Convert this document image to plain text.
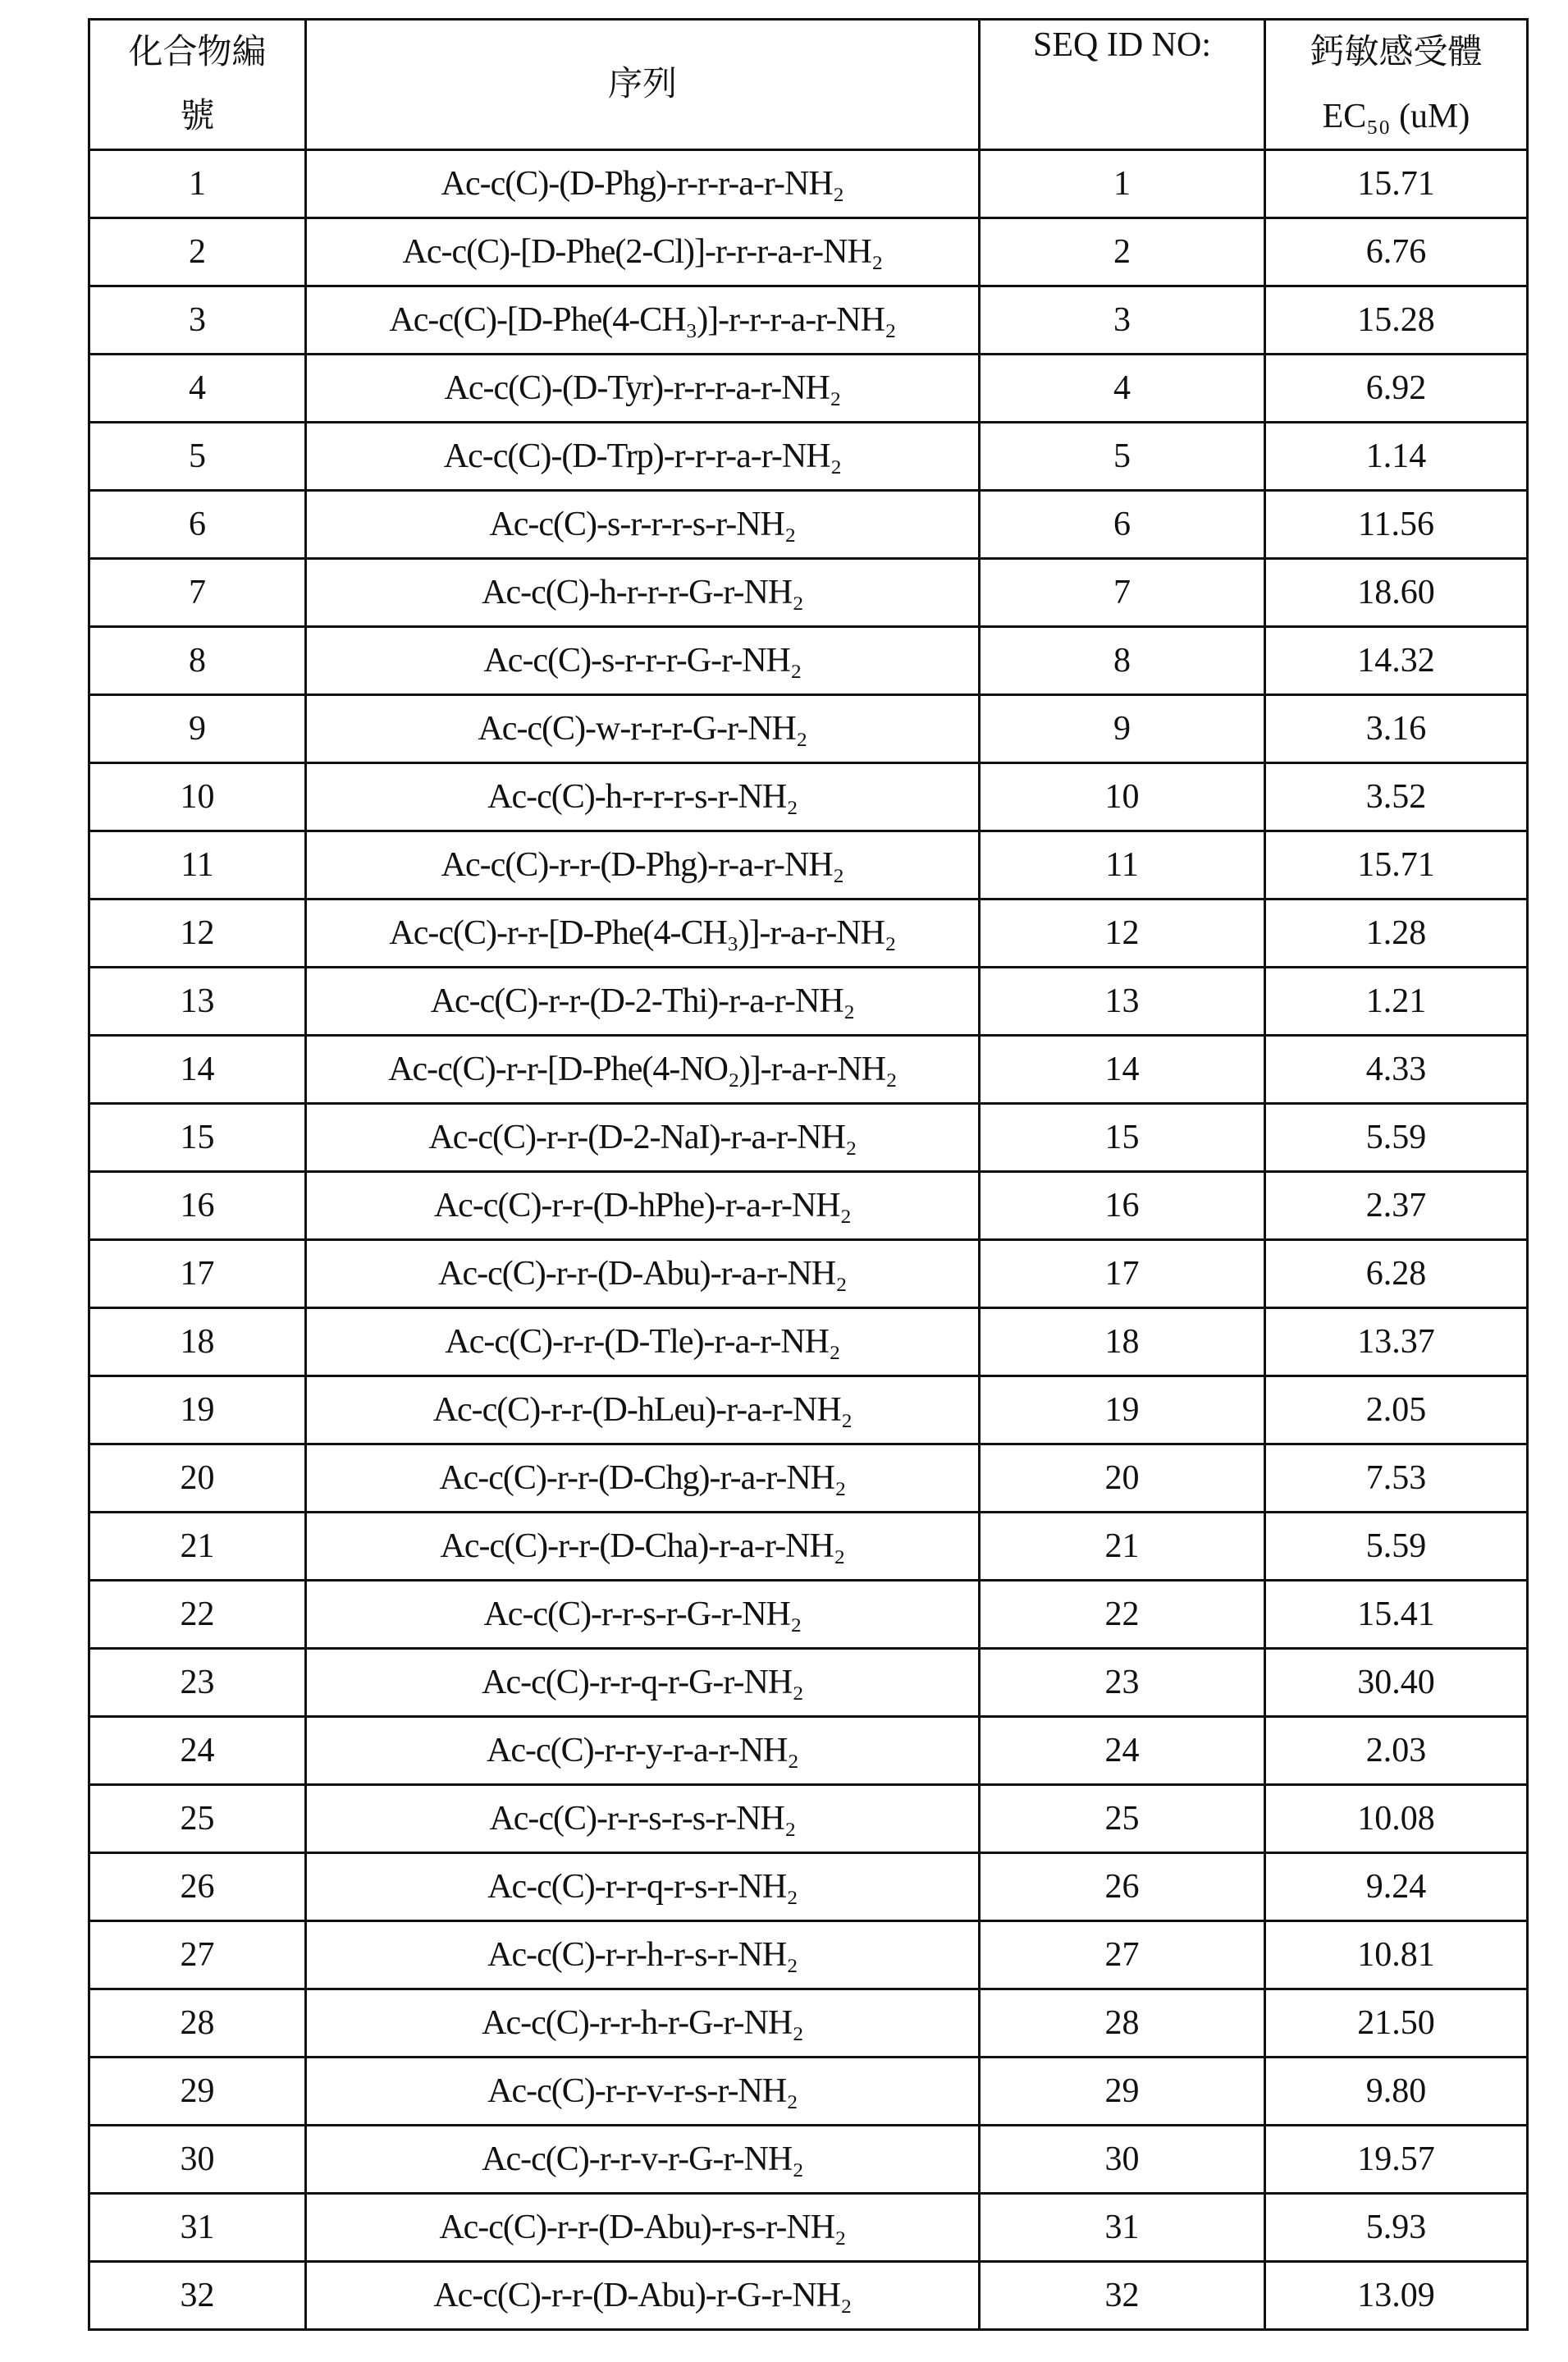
化合物編號	序列	SEQ ID NO:	鈣敏感受體
EC₅₀ (uM)

1	Ac-c(C)-(D-Phg)-r-r-r-a-r-NH₂	1	15.71
2	Ac-c(C)-[D-Phe(2-Cl)]-r-r-r-a-r-NH₂	2	6.76
3	Ac-c(C)-[D-Phe(4-CH₃)]-r-r-r-a-r-NH₂	3	15.28
4	Ac-c(C)-(D-Tyr)-r-r-r-a-r-NH₂	4	6.92
5	Ac-c(C)-(D-Trp)-r-r-r-a-r-NH₂	5	1.14
6	Ac-c(C)-s-r-r-r-s-r-NH₂	6	11.56
7	Ac-c(C)-h-r-r-r-G-r-NH₂	7	18.60
8	Ac-c(C)-s-r-r-r-G-r-NH₂	8	14.32
9	Ac-c(C)-w-r-r-r-G-r-NH₂	9	3.16
10	Ac-c(C)-h-r-r-r-s-r-NH₂	10	3.52
11	Ac-c(C)-r-r-(D-Phg)-r-a-r-NH₂	11	15.71
12	Ac-c(C)-r-r-[D-Phe(4-CH₃)]-r-a-r-NH₂	12	1.28
13	Ac-c(C)-r-r-(D-2-Thi)-r-a-r-NH₂	13	1.21
14	Ac-c(C)-r-r-[D-Phe(4-NO₂)]-r-a-r-NH₂	14	4.33
15	Ac-c(C)-r-r-(D-2-NaI)-r-a-r-NH₂	15	5.59
16	Ac-c(C)-r-r-(D-hPhe)-r-a-r-NH₂	16	2.37
17	Ac-c(C)-r-r-(D-Abu)-r-a-r-NH₂	17	6.28
18	Ac-c(C)-r-r-(D-Tle)-r-a-r-NH₂	18	13.37
19	Ac-c(C)-r-r-(D-hLeu)-r-a-r-NH₂	19	2.05
20	Ac-c(C)-r-r-(D-Chg)-r-a-r-NH₂	20	7.53
21	Ac-c(C)-r-r-(D-Cha)-r-a-r-NH₂	21	5.59
22	Ac-c(C)-r-r-s-r-G-r-NH₂	22	15.41
23	Ac-c(C)-r-r-q-r-G-r-NH₂	23	30.40
24	Ac-c(C)-r-r-y-r-a-r-NH₂	24	2.03
25	Ac-c(C)-r-r-s-r-s-r-NH₂	25	10.08
26	Ac-c(C)-r-r-q-r-s-r-NH₂	26	9.24
27	Ac-c(C)-r-r-h-r-s-r-NH₂	27	10.81
28	Ac-c(C)-r-r-h-r-G-r-NH₂	28	21.50
29	Ac-c(C)-r-r-v-r-s-r-NH₂	29	9.80
30	Ac-c(C)-r-r-v-r-G-r-NH₂	30	19.57
31	Ac-c(C)-r-r-(D-Abu)-r-s-r-NH₂	31	5.93
32	Ac-c(C)-r-r-(D-Abu)-r-G-r-NH₂	32	13.09
